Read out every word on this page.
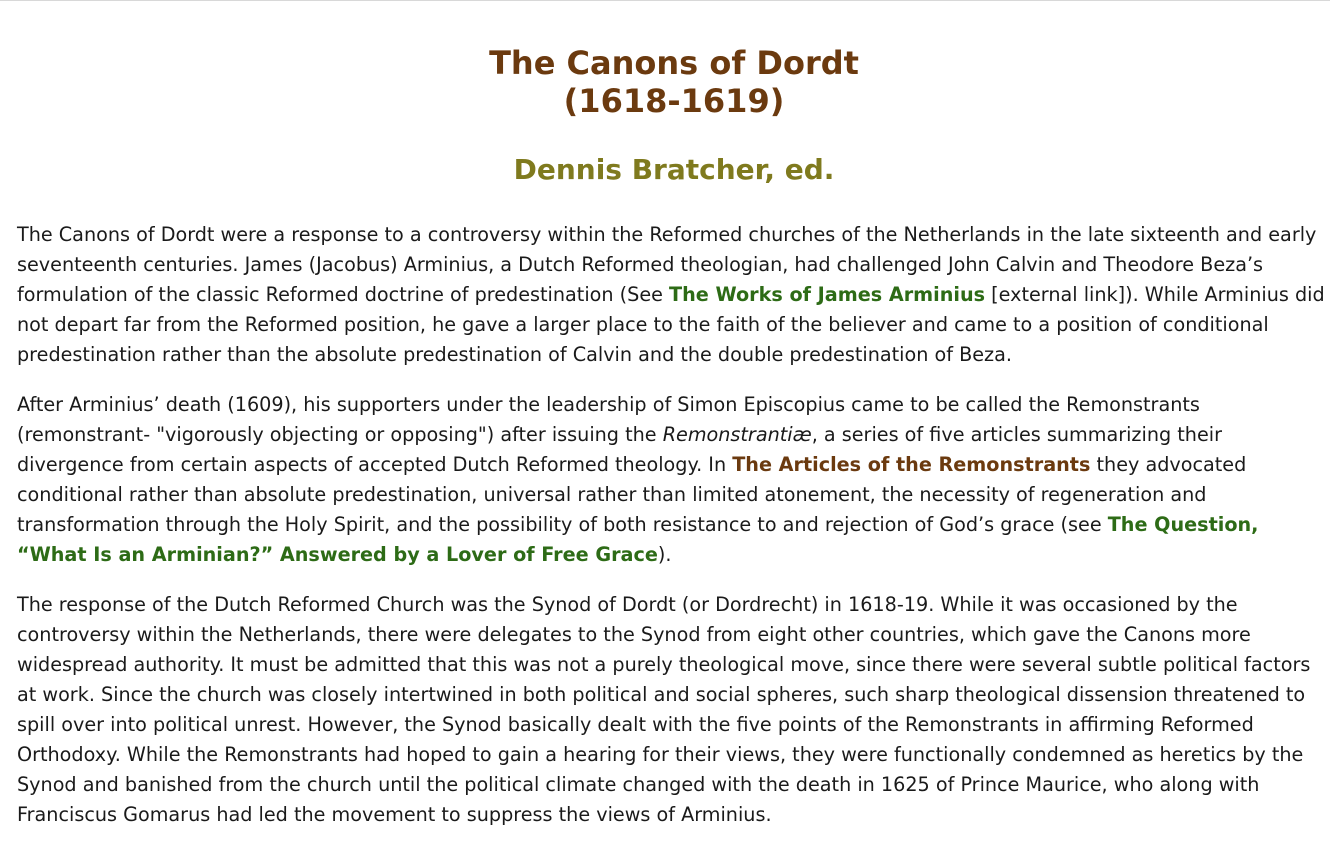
The Canons of Dordt
(1618-1619)
Dennis Bratcher, ed.

The Canons of Dordt were a response to a controversy within the Reformed churches of the Netherlands in the late sixteenth and early seventeenth centuries. James (Jacobus) Arminius, a Dutch Reformed theologian, had challenged John Calvin and Theodore Beza’s formulation of the classic Reformed doctrine of predestination (See The Works of James Arminius [external link]). While Arminius did not depart far from the Reformed position, he gave a larger place to the faith of the believer and came to a position of conditional predestination rather than the absolute predestination of Calvin and the double predestination of Beza.

After Arminius’ death (1609), his supporters under the leadership of Simon Episcopius came to be called the Remonstrants (remonstrant- "vigorously objecting or opposing") after issuing the Remonstrantiæ, a series of five articles summarizing their divergence from certain aspects of accepted Dutch Reformed theology. In The Articles of the Remonstrants they advocated conditional rather than absolute predestination, universal rather than limited atonement, the necessity of regeneration and transformation through the Holy Spirit, and the possibility of both resistance to and rejection of God’s grace (see The Question, “What Is an Arminian?” Answered by a Lover of Free Grace).

The response of the Dutch Reformed Church was the Synod of Dordt (or Dordrecht) in 1618-19. While it was occasioned by the controversy within the Netherlands, there were delegates to the Synod from eight other countries, which gave the Canons more widespread authority. It must be admitted that this was not a purely theological move, since there were several subtle political factors at work. Since the church was closely intertwined in both political and social spheres, such sharp theological dissension threatened to spill over into political unrest. However, the Synod basically dealt with the five points of the Remonstrants in affirming Reformed Orthodoxy. While the Remonstrants had hoped to gain a hearing for their views, they were functionally condemned as heretics by the Synod and banished from the church until the political climate changed with the death in 1625 of Prince Maurice, who along with Franciscus Gomarus had led the movement to suppress the views of Arminius.
